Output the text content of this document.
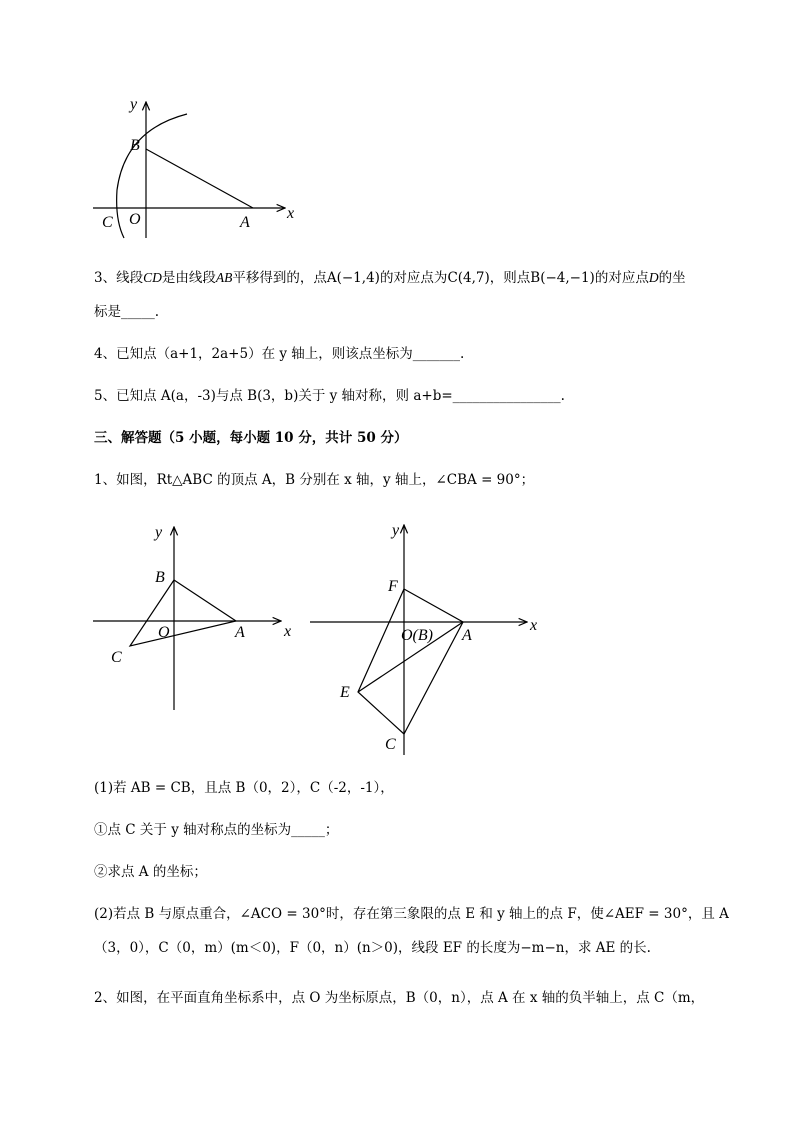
y
x
B
O
C	A
3、线段CD是由线段AB平移得到的，点A(−1,4)的对应点为C(4,7)，则点B(−4,−1)的对应点D的坐
标是_____.
4、已知点（a+1，2a+5）在 y 轴上，则该点坐标为_______.
5、已知点 A(a，-3)与点 B(3，b)关于 y 轴对称，则 a+b=________________.
三、解答题（5 小题，每小题 10 分，共计 50 分）
1、如图，Rt△ABC 的顶点 A，B 分别在 x 轴，y 轴上，∠CBA = 90°；
y
x
B
O	A
C
y
x
F
O(B) A
E
C
(1)若 AB = CB，且点 B（0，2），C（-2，-1），
①点 C 关于 y 轴对称点的坐标为_____；
②求点 A 的坐标；
(2)若点 B 与原点重合，∠ACO = 30°时，存在第三象限的点 E 和 y 轴上的点 F，使∠AEF = 30°，且 A
（3，0），C（0，m）(m＜0)，F（0，n）(n＞0)，线段 EF 的长度为−m−n，求 AE 的长.
2、如图，在平面直角坐标系中，点 O 为坐标原点，B（0，n），点 A 在 x 轴的负半轴上，点 C（m，
